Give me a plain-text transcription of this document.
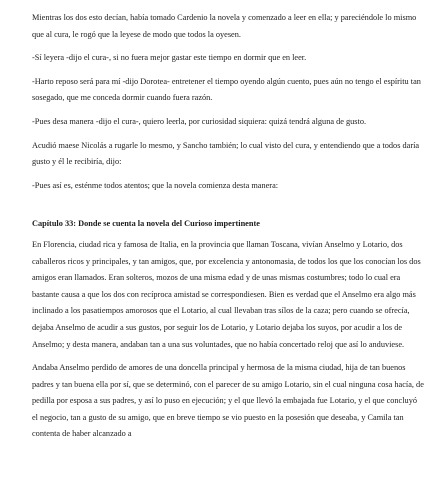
Mientras los dos esto decían, había tomado Cardenio la novela y comenzado a leer en ella; y pareciéndole lo mismo que al cura, le rogó que la leyese de modo que todos la oyesen.

-Sí leyera -dijo el cura-, si no fuera mejor gastar este tiempo en dormir que en leer.

-Harto reposo será para mí -dijo Dorotea- entretener el tiempo oyendo algún cuento, pues aún no tengo el espíritu tan sosegado, que me conceda dormir cuando fuera razón.

-Pues desa manera -dijo el cura-, quiero leerla, por curiosidad siquiera: quizá tendrá alguna de gusto.

Acudió maese Nicolás a rugarle lo mesmo, y Sancho también; lo cual visto del cura, y entendiendo que a todos daría gusto y él le recibiría, dijo:

-Pues así es, esténme todos atentos; que la novela comienza desta manera:

Capítulo 33: Donde se cuenta la novela del Curioso impertinente

En Florencia, ciudad rica y famosa de Italia, en la provincia que llaman Toscana, vivían Anselmo y Lotario, dos caballeros ricos y principales, y tan amigos, que, por excelencia y antonomasia, de todos los que los conocían los dos amigos eran llamados. Eran solteros, mozos de una misma edad y de unas mismas costumbres; todo lo cual era bastante causa a que los dos con recíproca amistad se correspondiesen. Bien es verdad que el Anselmo era algo más inclinado a los pasatiempos amorosos que el Lotario, al cual llevaban tras sílos de la caza; pero cuando se ofrecía, dejaba Anselmo de acudir a sus gustos, por seguir los de Lotario, y Lotario dejaba los suyos, por acudir a los de Anselmo; y desta manera, andaban tan a una sus voluntades, que no había concertado reloj que así lo anduviese.

Andaba Anselmo perdido de amores de una doncella principal y hermosa de la misma ciudad, hija de tan buenos padres y tan buena ella por sí, que se determinó, con el parecer de su amigo Lotario, sin el cual ninguna cosa hacía, de pedilla por esposa a sus padres, y así lo puso en ejecución; y el que llevó la embajada fue Lotario, y el que concluyó el negocio, tan a gusto de su amigo, que en breve tiempo se vio puesto en la posesión que deseaba, y Camila tan contenta de haber alcanzado a
